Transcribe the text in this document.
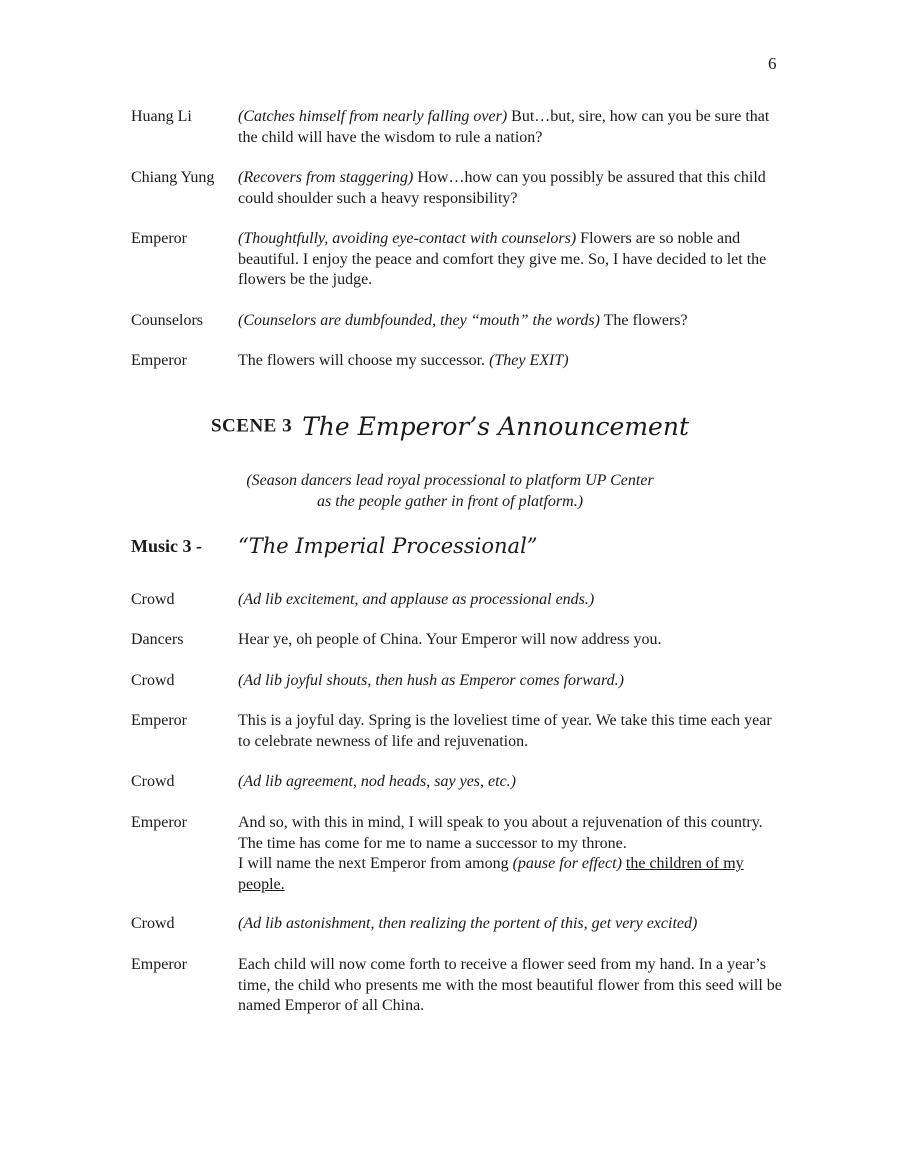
6
Huang Li	(Catches himself from nearly falling over) But…but, sire, how can you be sure that the child will have the wisdom to rule a nation?
Chiang Yung	(Recovers from staggering) How…how can you possibly be assured that this child could shoulder such a heavy responsibility?
Emperor	(Thoughtfully, avoiding eye-contact with counselors) Flowers are so noble and beautiful. I enjoy the peace and comfort they give me. So, I have decided to let the flowers be the judge.
Counselors	(Counselors are dumbfounded, they “mouth” the words) The flowers?
Emperor	The flowers will choose my successor. (They EXIT)
SCENE 3 The Emperor’s Announcement
(Season dancers lead royal processional to platform UP Center
as the people gather in front of platform.)
Music 3 - “The Imperial Processional”
Crowd	(Ad lib excitement, and applause as processional ends.)
Dancers	Hear ye, oh people of China. Your Emperor will now address you.
Crowd	(Ad lib joyful shouts, then hush as Emperor comes forward.)
Emperor	This is a joyful day. Spring is the loveliest time of year. We take this time each year to celebrate newness of life and rejuvenation.
Crowd	(Ad lib agreement, nod heads, say yes, etc.)
Emperor	And so, with this in mind, I will speak to you about a rejuvenation of this country. The time has come for me to name a successor to my throne.
I will name the next Emperor from among (pause for effect) the children of my people.
Crowd	(Ad lib astonishment, then realizing the portent of this, get very excited)
Emperor	Each child will now come forth to receive a flower seed from my hand. In a year’s time, the child who presents me with the most beautiful flower from this seed will be named Emperor of all China.
